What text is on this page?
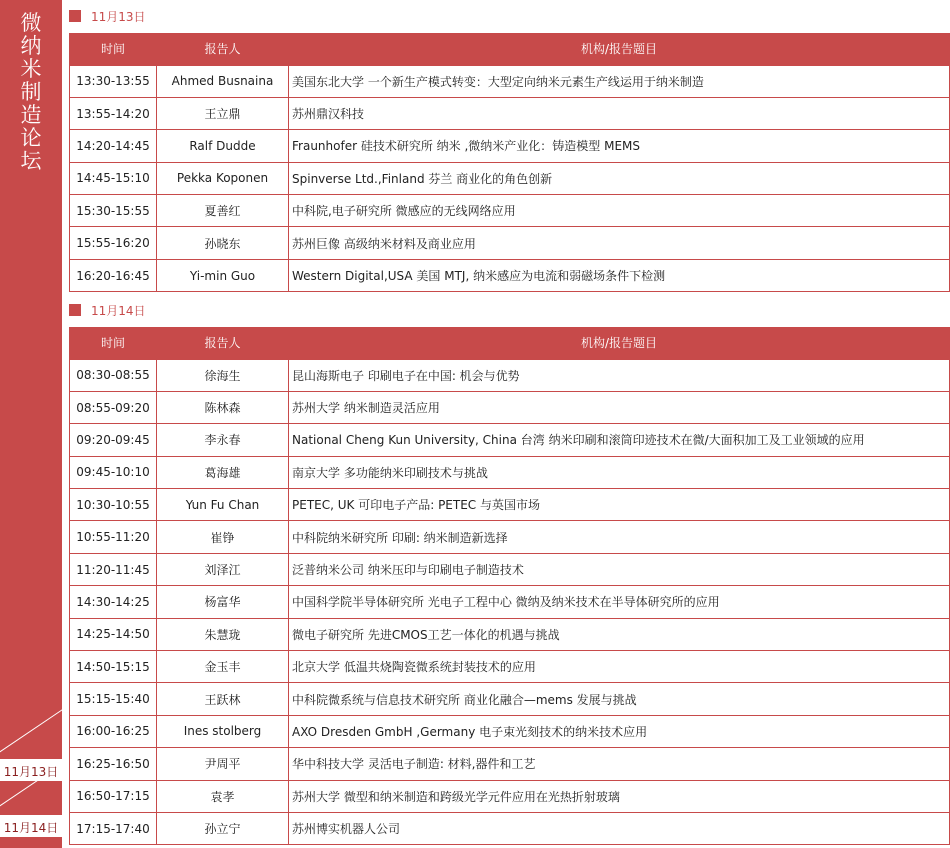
微纳米制造论坛
11月13日
11月14日
11月13日
时间	报告人	机构/报告题目
13:30-13:55	Ahmed Busnaina	美国东北大学 一个新生产模式转变：大型定向纳米元素生产线运用于纳米制造
13:55-14:20	王立鼎	苏州鼎汉科技
14:20-14:45	Ralf Dudde	Fraunhofer 硅技术研究所 纳米 ,微纳米产业化：铸造模型 MEMS
14:45-15:10	Pekka Koponen	Spinverse Ltd.,Finland 芬兰 商业化的角色创新
15:30-15:55	夏善红	中科院,电子研究所 微感应的无线网络应用
15:55-16:20	孙晓东	苏州巨像 高级纳米材料及商业应用
16:20-16:45	Yi-min Guo	Western Digital,USA 美国 MTJ, 纳米感应为电流和弱磁场条件下检测
11月14日
时间	报告人	机构/报告题目
08:30-08:55	徐海生	昆山海斯电子 印刷电子在中国: 机会与优势
08:55-09:20	陈林森	苏州大学 纳米制造灵活应用
09:20-09:45	李永春	National Cheng Kun University, China 台湾 纳米印刷和滚筒印迹技术在微/大面积加工及工业领域的应用
09:45-10:10	葛海雄	南京大学 多功能纳米印刷技术与挑战
10:30-10:55	Yun Fu Chan	PETEC, UK 可印电子产品: PETEC 与英国市场
10:55-11:20	崔铮	中科院纳米研究所 印刷: 纳米制造新选择
11:20-11:45	刘泽江	泛普纳米公司 纳米压印与印刷电子制造技术
14:30-14:25	杨富华	中国科学院半导体研究所 光电子工程中心 微纳及纳米技术在半导体研究所的应用
14:25-14:50	朱慧珑	微电子研究所 先进CMOS工艺一体化的机遇与挑战
14:50-15:15	金玉丰	北京大学 低温共烧陶瓷微系统封装技术的应用
15:15-15:40	王跃林	中科院微系统与信息技术研究所 商业化融合—mems 发展与挑战
16:00-16:25	Ines stolberg	AXO Dresden GmbH ,Germany 电子束光刻技术的纳米技术应用
16:25-16:50	尹周平	华中科技大学 灵活电子制造: 材料,器件和工艺
16:50-17:15	袁孝	苏州大学 微型和纳米制造和跨级光学元件应用在光热折射玻璃
17:15-17:40	孙立宁	苏州博实机器人公司
